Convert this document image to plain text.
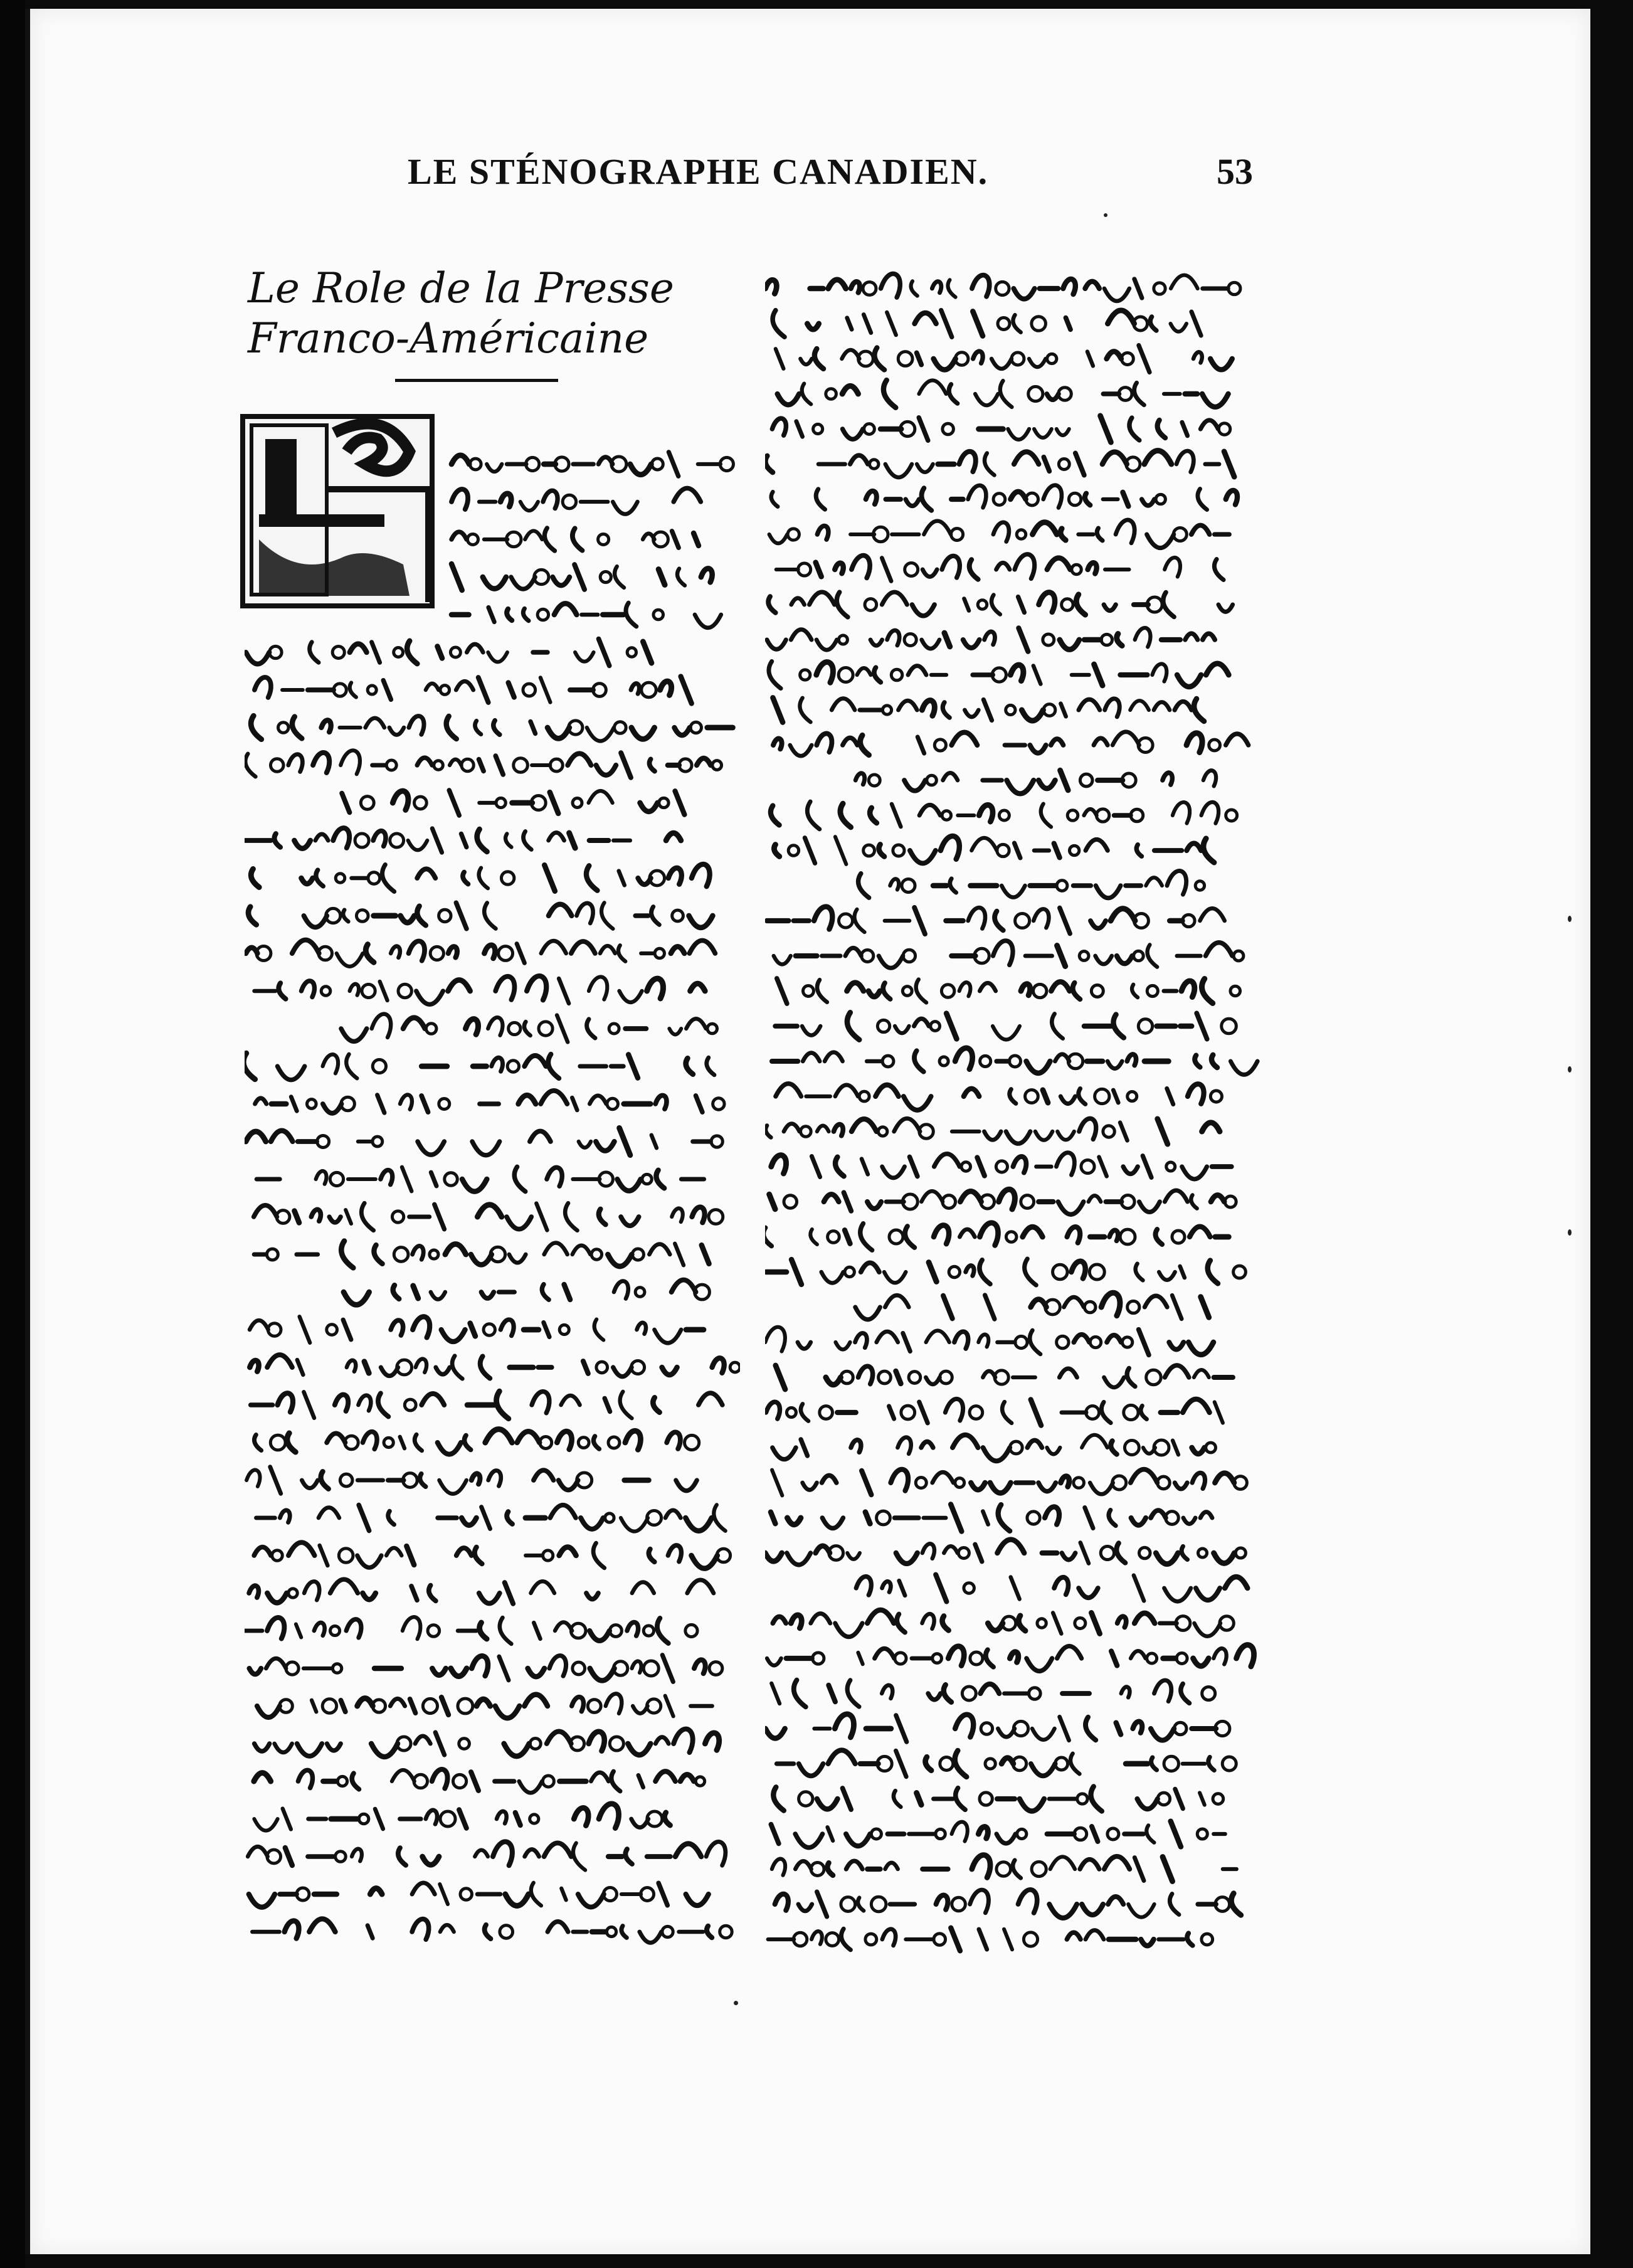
LE STÉNOGRAPHE CANADIEN.	53
Le Role de la Presse
Franco-Américaine
